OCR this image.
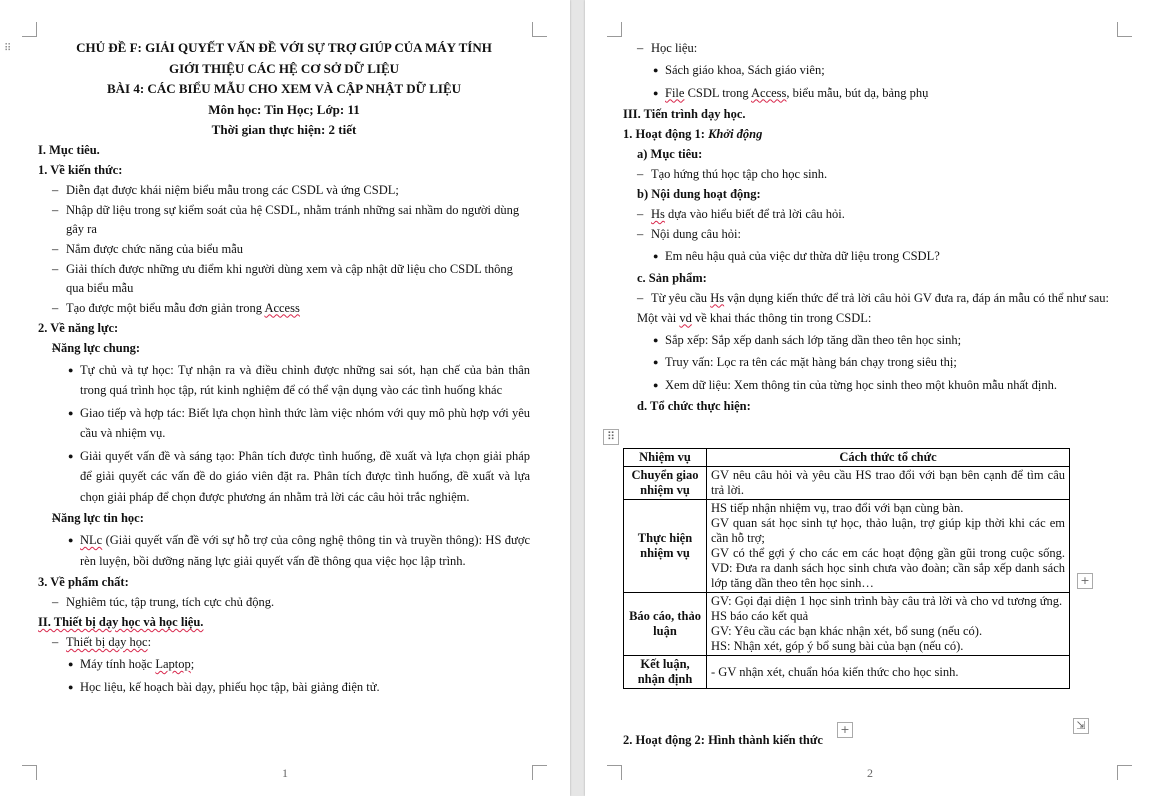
⠿	CHỦ ĐỀ F: GIẢI QUYẾT VẤN ĐỀ VỚI SỰ TRỢ GIÚP CỦA MÁY TÍNH
GIỚI THIỆU CÁC HỆ CƠ SỞ DỮ LIỆU
BÀI 4: CÁC BIỂU MẪU CHO XEM VÀ CẬP NHẬT DỮ LIỆU
Môn học: Tin Học; Lớp: 11
Thời gian thực hiện: 2 tiết
I. Mục tiêu.
1. Về kiến thức:
– Diễn đạt được khái niệm biểu mẫu trong các CSDL và ứng CSDL;
– Nhập dữ liệu trong sự kiểm soát của hệ CSDL, nhằm tránh những sai nhầm do người dùng gây ra
– Nắm được chức năng của biểu mẫu
– Giải thích được những ưu điểm khi người dùng xem và cập nhật dữ liệu cho CSDL thông qua biểu mẫu
– Tạo được một biểu mẫu đơn giản trong Access
2. Về năng lực:
– Năng lực chung:
● Tự chủ và tự học: Tự nhận ra và điều chỉnh được những sai sót, hạn chế của bản thân trong quá trình học tập, rút kinh nghiệm để có thể vận dụng vào các tình huống khác
● Giao tiếp và hợp tác: Biết lựa chọn hình thức làm việc nhóm với quy mô phù hợp với yêu cầu và nhiệm vụ.
● Giải quyết vấn đề và sáng tạo: Phân tích được tình huống, đề xuất và lựa chọn giải pháp để giải quyết các vấn đề do giáo viên đặt ra. Phân tích được tình huống, đề xuất và lựa chọn giải pháp để chọn được phương án nhằm trả lời các câu hỏi trắc nghiệm.
– Năng lực tin học:
● NLc (Giải quyết vấn đề với sự hỗ trợ của công nghệ thông tin và truyền thông): HS được rèn luyện, bồi dưỡng năng lực giải quyết vấn đề thông qua việc học lập trình.
3. Về phẩm chất:
– Nghiêm túc, tập trung, tích cực chủ động.
II. Thiết bị dạy học và học liệu.
– Thiết bị dạy học:
● Máy tính hoặc Laptop;
● Học liệu, kế hoạch bài dạy, phiếu học tập, bài giảng điện tử.
1
– Học liệu:
● Sách giáo khoa, Sách giáo viên;
● File CSDL trong Access, biểu mẫu, bút dạ, bảng phụ
III. Tiến trình dạy học.
1. Hoạt động 1: Khởi động
a) Mục tiêu:
– Tạo hứng thú học tập cho học sinh.
b) Nội dung hoạt động:
– Hs dựa vào hiểu biết để trả lời câu hỏi.
– Nội dung câu hỏi:
● Em nêu hậu quả của việc dư thừa dữ liệu trong CSDL?
c. Sản phẩm:
– Từ yêu cầu Hs vận dụng kiến thức để trả lời câu hỏi GV đưa ra, đáp án mẫu có thể như sau:
Một vài vd về khai thác thông tin trong CSDL:
● Sắp xếp: Sắp xếp danh sách lớp tăng dần theo tên học sinh;
● Truy vấn: Lọc ra tên các mặt hàng bán chạy trong siêu thị;
● Xem dữ liệu: Xem thông tin của từng học sinh theo một khuôn mẫu nhất định.
d. Tổ chức thực hiện:
⠿
Nhiệm vụ	Cách thức tổ chức
Chuyển giao nhiệm vụ	GV nêu câu hỏi và yêu cầu HS trao đổi với bạn bên cạnh để tìm câu trả lời.

Thực hiện nhiệm vụ	HS tiếp nhận nhiệm vụ, trao đổi với bạn cùng bàn.
GV quan sát học sinh tự học, thảo luận, trợ giúp kịp thời khi các em cần hỗ trợ;
GV có thể gợi ý cho các em các hoạt động gần gũi trong cuộc sống. VD: Đưa ra danh sách học sinh chưa vào đoàn; cần sắp xếp danh sách lớp tăng dần theo tên học sinh…

Báo cáo, thảo luận	GV: Gọi đại diện 1 học sinh trình bày câu trả lời và cho vd tương ứng.
HS báo cáo kết quả
GV: Yêu cầu các bạn khác nhận xét, bổ sung (nếu có).
HS: Nhận xét, góp ý bổ sung bài của bạn (nếu có).

Kết luận, nhận định	- GV nhận xét, chuẩn hóa kiến thức cho học sinh.
+
+	⇲
2. Hoạt động 2: Hình thành kiến thức
2
